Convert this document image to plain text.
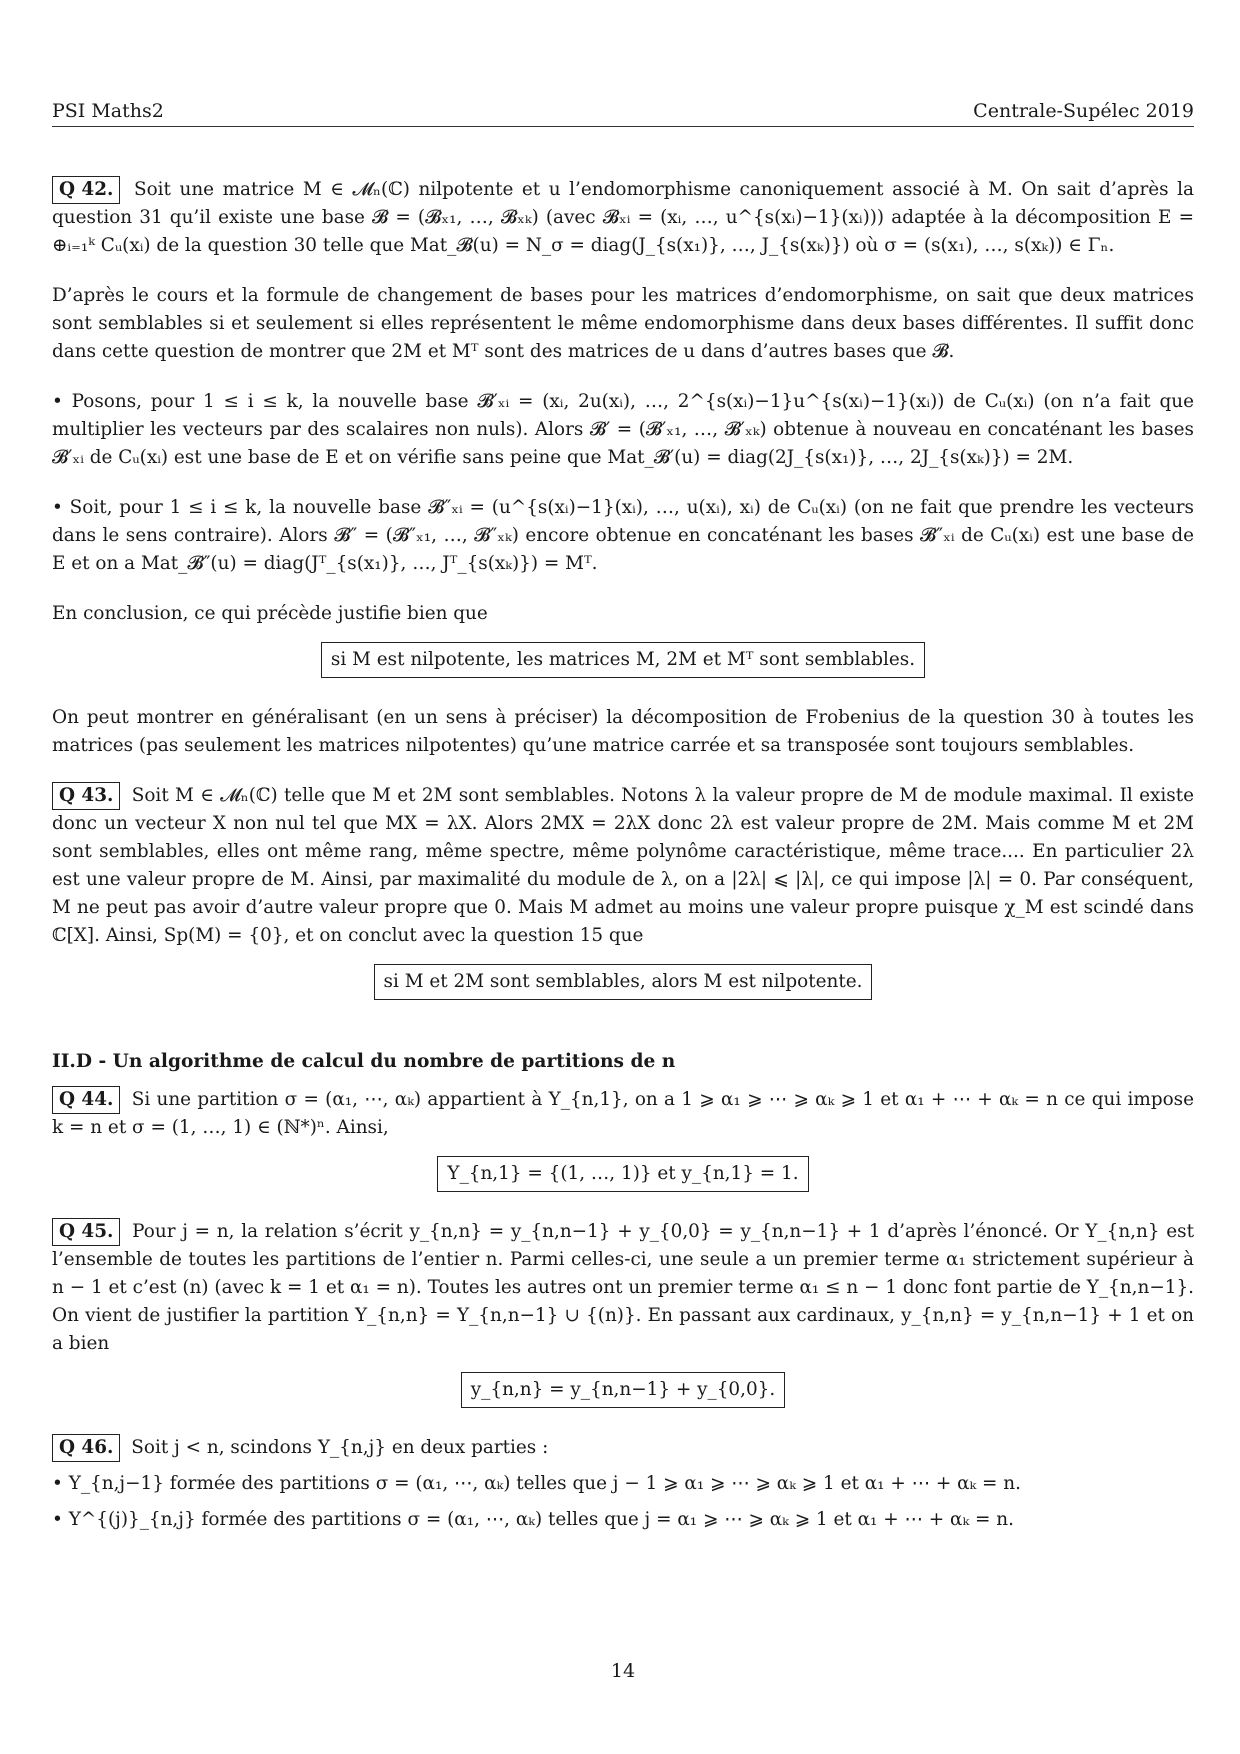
PSI Maths2	Centrale-Supélec 2019

Q 42. Soit une matrice M ∈ 𝓜ₙ(ℂ) nilpotente et u l’endomorphisme canoniquement associé à M. On sait d’après la question 31 qu’il existe une base 𝓑 = (𝓑ₓ₁, …, 𝓑ₓₖ) (avec 𝓑ₓᵢ = (xᵢ, …, u^{s(xᵢ)−1}(xᵢ))) adaptée à la décomposition E = ⊕ᵢ₌₁ᵏ Cᵤ(xᵢ) de la question 30 telle que Mat_𝓑(u) = N_σ = diag(J_{s(x₁)}, …, J_{s(xₖ)}) où σ = (s(x₁), …, s(xₖ)) ∈ Γₙ.

D’après le cours et la formule de changement de bases pour les matrices d’endomorphisme, on sait que deux matrices sont semblables si et seulement si elles représentent le même endomorphisme dans deux bases différentes. Il suffit donc dans cette question de montrer que 2M et Mᵀ sont des matrices de u dans d’autres bases que 𝓑.

• Posons, pour 1 ≤ i ≤ k, la nouvelle base 𝓑′ₓᵢ = (xᵢ, 2u(xᵢ), …, 2^{s(xᵢ)−1}u^{s(xᵢ)−1}(xᵢ)) de Cᵤ(xᵢ) (on n’a fait que multiplier les vecteurs par des scalaires non nuls). Alors 𝓑′ = (𝓑′ₓ₁, …, 𝓑′ₓₖ) obtenue à nouveau en concaténant les bases 𝓑′ₓᵢ de Cᵤ(xᵢ) est une base de E et on vérifie sans peine que Mat_𝓑′(u) = diag(2J_{s(x₁)}, …, 2J_{s(xₖ)}) = 2M.

• Soit, pour 1 ≤ i ≤ k, la nouvelle base 𝓑″ₓᵢ = (u^{s(xᵢ)−1}(xᵢ), …, u(xᵢ), xᵢ) de Cᵤ(xᵢ) (on ne fait que prendre les vecteurs dans le sens contraire). Alors 𝓑″ = (𝓑″ₓ₁, …, 𝓑″ₓₖ) encore obtenue en concaténant les bases 𝓑″ₓᵢ de Cᵤ(xᵢ) est une base de E et on a Mat_𝓑″(u) = diag(Jᵀ_{s(x₁)}, …, Jᵀ_{s(xₖ)}) = Mᵀ.

En conclusion, ce qui précède justifie bien que

si M est nilpotente, les matrices M, 2M et Mᵀ sont semblables.

On peut montrer en généralisant (en un sens à préciser) la décomposition de Frobenius de la question 30 à toutes les matrices (pas seulement les matrices nilpotentes) qu’une matrice carrée et sa transposée sont toujours semblables.

Q 43. Soit M ∈ 𝓜ₙ(ℂ) telle que M et 2M sont semblables. Notons λ la valeur propre de M de module maximal. Il existe donc un vecteur X non nul tel que MX = λX. Alors 2MX = 2λX donc 2λ est valeur propre de 2M. Mais comme M et 2M sont semblables, elles ont même rang, même spectre, même polynôme caractéristique, même trace.... En particulier 2λ est une valeur propre de M. Ainsi, par maximalité du module de λ, on a |2λ| ⩽ |λ|, ce qui impose |λ| = 0. Par conséquent, M ne peut pas avoir d’autre valeur propre que 0. Mais M admet au moins une valeur propre puisque χ_M est scindé dans ℂ[X]. Ainsi, Sp(M) = {0}, et on conclut avec la question 15 que

si M et 2M sont semblables, alors M est nilpotente.
II.D - Un algorithme de calcul du nombre de partitions de n

Q 44. Si une partition σ = (α₁, ⋯, αₖ) appartient à Y_{n,1}, on a 1 ⩾ α₁ ⩾ ⋯ ⩾ αₖ ⩾ 1 et α₁ + ⋯ + αₖ = n ce qui impose k = n et σ = (1, …, 1) ∈ (ℕ*)ⁿ. Ainsi,

Y_{n,1} = {(1, …, 1)} et y_{n,1} = 1.

Q 45. Pour j = n, la relation s’écrit y_{n,n} = y_{n,n−1} + y_{0,0} = y_{n,n−1} + 1 d’après l’énoncé. Or Y_{n,n} est l’ensemble de toutes les partitions de l’entier n. Parmi celles-ci, une seule a un premier terme α₁ strictement supérieur à n − 1 et c’est (n) (avec k = 1 et α₁ = n). Toutes les autres ont un premier terme α₁ ≤ n − 1 donc font partie de Y_{n,n−1}. On vient de justifier la partition Y_{n,n} = Y_{n,n−1} ∪ {(n)}. En passant aux cardinaux, y_{n,n} = y_{n,n−1} + 1 et on a bien

y_{n,n} = y_{n,n−1} + y_{0,0}.

Q 46. Soit j < n, scindons Y_{n,j} en deux parties :

• Y_{n,j−1} formée des partitions σ = (α₁, ⋯, αₖ) telles que j − 1 ⩾ α₁ ⩾ ⋯ ⩾ αₖ ⩾ 1 et α₁ + ⋯ + αₖ = n.

• Y^{(j)}_{n,j} formée des partitions σ = (α₁, ⋯, αₖ) telles que j = α₁ ⩾ ⋯ ⩾ αₖ ⩾ 1 et α₁ + ⋯ + αₖ = n.

14
